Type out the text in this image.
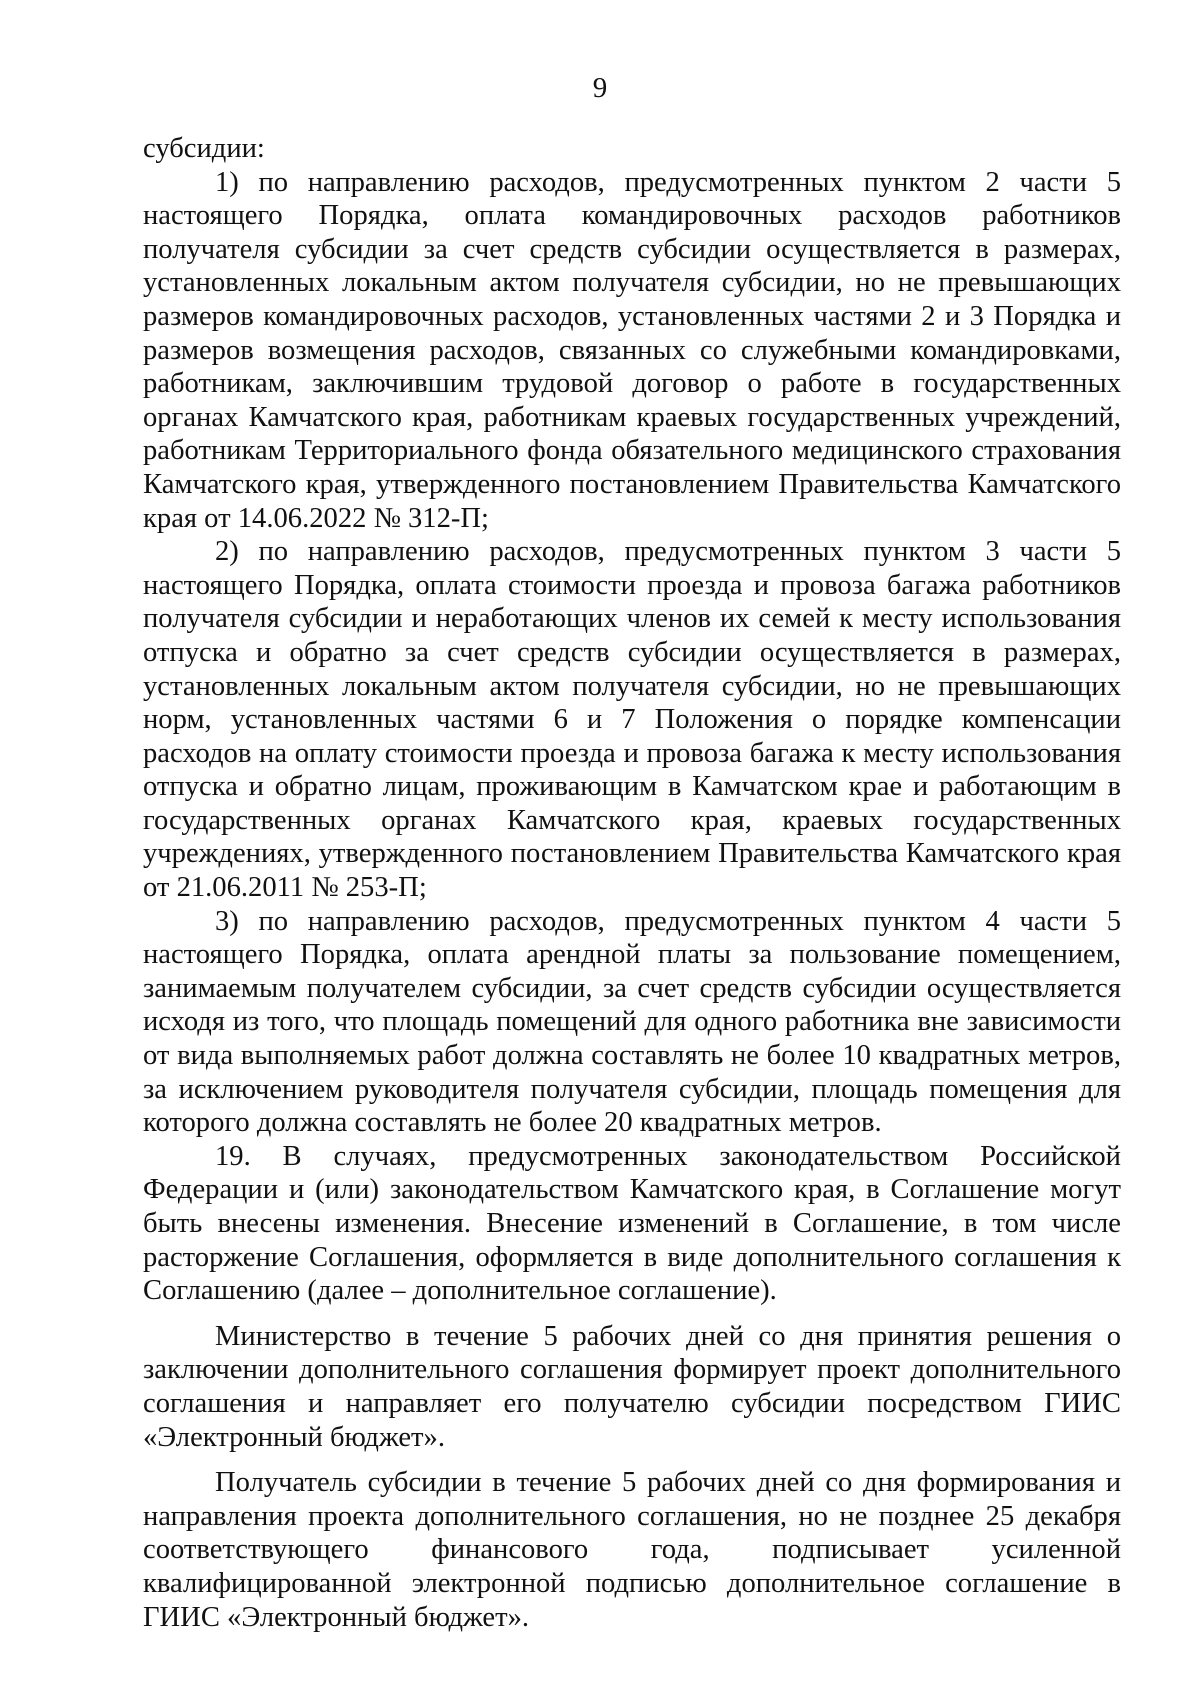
9

субсидии:

1) по направлению расходов, предусмотренных пунктом 2 части 5 настоящего Порядка, оплата командировочных расходов работников получателя субсидии за счет средств субсидии осуществляется в размерах, установленных локальным актом получателя субсидии, но не превышающих размеров командировочных расходов, установленных частями 2 и 3 Порядка и размеров возмещения расходов, связанных со служебными командировками, работникам, заключившим трудовой договор о работе в государственных органах Камчатского края, работникам краевых государственных учреждений, работникам Территориального фонда обязательного медицинского страхования Камчатского края, утвержденного постановлением Правительства Камчатского края от 14.06.2022 № 312-П;

2) по направлению расходов, предусмотренных пунктом 3 части 5 настоящего Порядка, оплата стоимости проезда и провоза багажа работников получателя субсидии и неработающих членов их семей к месту использования отпуска и обратно за счет средств субсидии осуществляется в размерах, установленных локальным актом получателя субсидии, но не превышающих норм, установленных частями 6 и 7 Положения о порядке компенсации расходов на оплату стоимости проезда и провоза багажа к месту использования отпуска и обратно лицам, проживающим в Камчатском крае и работающим в государственных органах Камчатского края, краевых государственных учреждениях, утвержденного постановлением Правительства Камчатского края от 21.06.2011 № 253-П;

3) по направлению расходов, предусмотренных пунктом 4 части 5 настоящего Порядка, оплата арендной платы за пользование помещением, занимаемым получателем субсидии, за счет средств субсидии осуществляется исходя из того, что площадь помещений для одного работника вне зависимости от вида выполняемых работ должна составлять не более 10 квадратных метров, за исключением руководителя получателя субсидии, площадь помещения для которого должна составлять не более 20 квадратных метров.

19. В случаях, предусмотренных законодательством Российской Федерации и (или) законодательством Камчатского края, в Соглашение могут быть внесены изменения. Внесение изменений в Соглашение, в том числе расторжение Соглашения, оформляется в виде дополнительного соглашения к Соглашению (далее – дополнительное соглашение).

Министерство в течение 5 рабочих дней со дня принятия решения о заключении дополнительного соглашения формирует проект дополнительного соглашения и направляет его получателю субсидии посредством ГИИС «Электронный бюджет».

Получатель субсидии в течение 5 рабочих дней со дня формирования и направления проекта дополнительного соглашения, но не позднее 25 декабря соответствующего финансового года, подписывает усиленной квалифицированной электронной подписью дополнительное соглашение в ГИИС «Электронный бюджет».
